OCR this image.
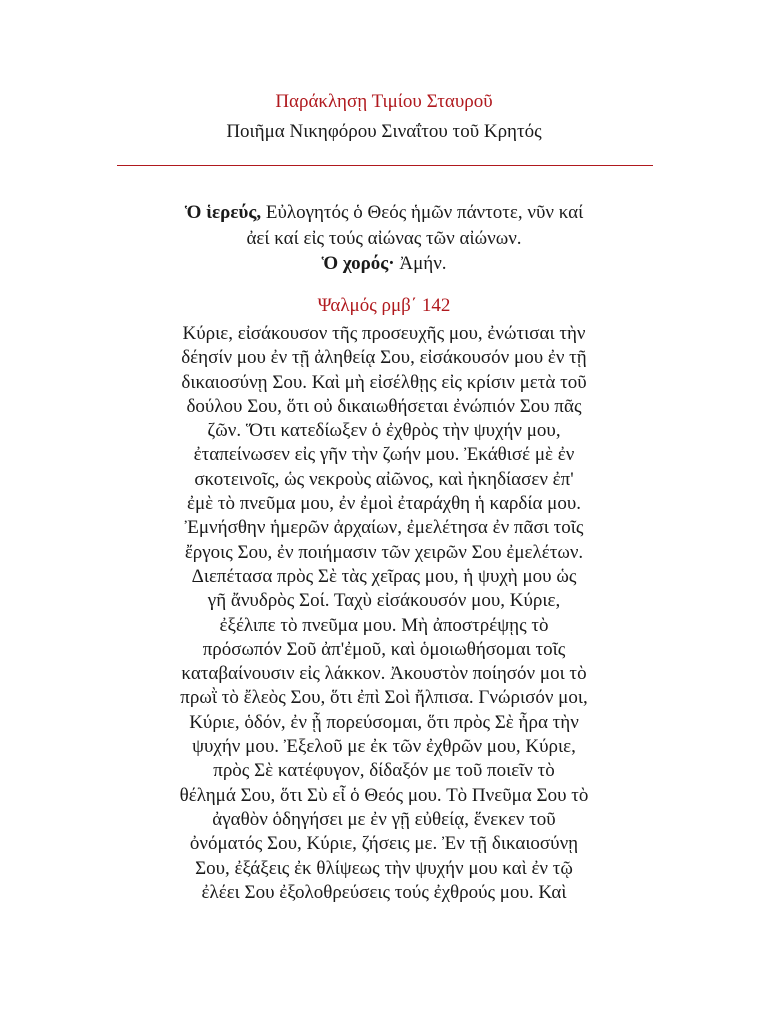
Παράκλησῃ Τιμίου Σταυροῦ
Ποιῆμα Νικηφόρου Σιναΐτου τοῦ Κρητός
Ὁ ἱερεύς, Εὐλογητός ὁ Θεός ἡμῶν πάντοτε, νῦν καί
ἀεί καί εἰς τούς αἰώνας τῶν αἰώνων.
Ὁ χορός· Ἀμήν.
Ψαλμός ρμβ΄ 142
Κύριε, εἰσάκουσον τῆς προσευχῆς μου, ἐνώτισαι τὴν
δέησίν μου ἐν τῇ ἀληθείᾳ Σου, εἰσάκουσόν μου ἐν τῇ
δικαιοσύνῃ Σου. Καὶ μὴ εἰσέλθῃς εἰς κρίσιν μετὰ τοῦ
δούλου Σου, ὅτι οὐ δικαιωθήσεται ἐνώπιόν Σου πᾶς
ζῶν. Ὅτι κατεδίωξεν ὁ ἐχθρὸς τὴν ψυχήν μου,
ἐταπείνωσεν εἰς γῆν τὴν ζωήν μου. Ἐκάθισέ μὲ ἐν
σκοτεινοῖς, ὡς νεκροὺς αἰῶνος, καὶ ἠκηδίασεν ἐπ'
ἐμὲ τὸ πνεῦμα μου, ἐν ἐμοὶ ἐταράχθη ἡ καρδία μου.
Ἐμνήσθην ἡμερῶν ἀρχαίων, ἐμελέτησα ἐν πᾶσι τοῖς
ἔργοις Σου, ἐν ποιήμασιν τῶν χειρῶν Σου ἐμελέτων.
Διεπέτασα πρὸς Σὲ τὰς χεῖρας μου, ἡ ψυχὴ μου ὡς
γῆ ἄνυδρὸς Σοί. Ταχὺ εἰσάκουσόν μου, Κύριε,
ἐξέλιπε τὸ πνεῦμα μου. Μὴ ἀποστρέψῃς τὸ
πρόσωπόν Σοῦ ἀπ'ἐμοῦ, καὶ ὁμοιωθήσομαι τοῖς
καταβαίνουσιν εἰς λάκκον. Ἀκουστὸν ποίησόν μοι τὸ
πρωῒ τὸ ἔλεὸς Σου, ὅτι ἐπὶ Σοὶ ἤλπισα. Γνώρισόν μοι,
Κύριε, ὁδόν, ἐν ᾗ πορεύσομαι, ὅτι πρὸς Σὲ ἦρα τὴν
ψυχήν μου. Ἐξελοῦ με ἐκ τῶν ἐχθρῶν μου, Κύριε,
πρὸς Σὲ κατέφυγον, δίδαξόν με τοῦ ποιεῖν τὸ
θέλημά Σου, ὅτι Σὺ εἶ ὁ Θεός μου. Τὸ Πνεῦμα Σου τὸ
ἀγαθὸν ὁδηγήσει με ἐν γῇ εὐθείᾳ, ἕνεκεν τοῦ
ὀνόματός Σου, Κύριε, ζήσεις με. Ἐν τῇ δικαιοσύνῃ
Σου, ἐξάξεις ἐκ θλίψεως τὴν ψυχήν μου καὶ ἐν τῷ
ἐλέει Σου ἐξολοθρεύσεις τούς ἐχθρούς μου. Καὶ
